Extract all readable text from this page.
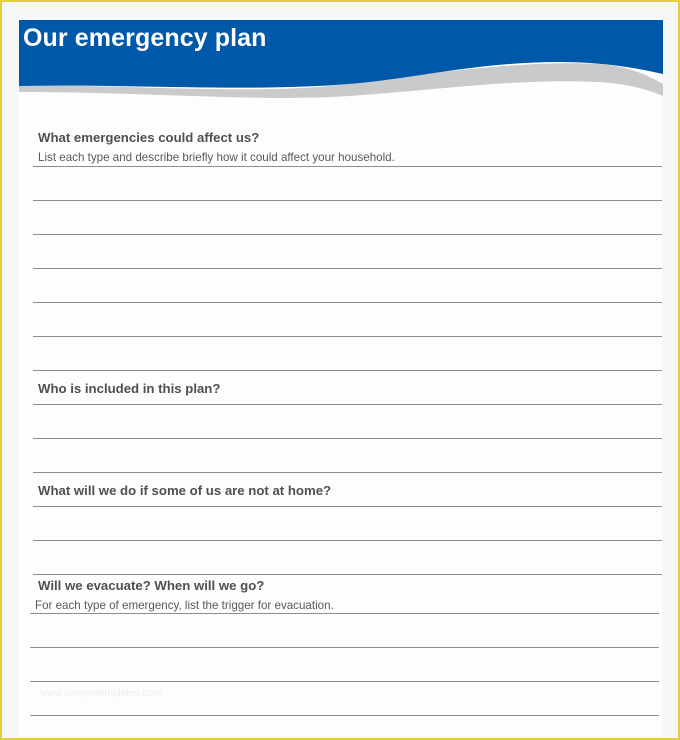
Our emergency plan

What emergencies could affect us?

List each type and describe briefly how it could affect your household.

Who is included in this plan?

What will we do if some of us are not at home?

Will we evacuate? When will we go?

For each type of emergency, list the trigger for evacuation.

www.sampletemplates.com
